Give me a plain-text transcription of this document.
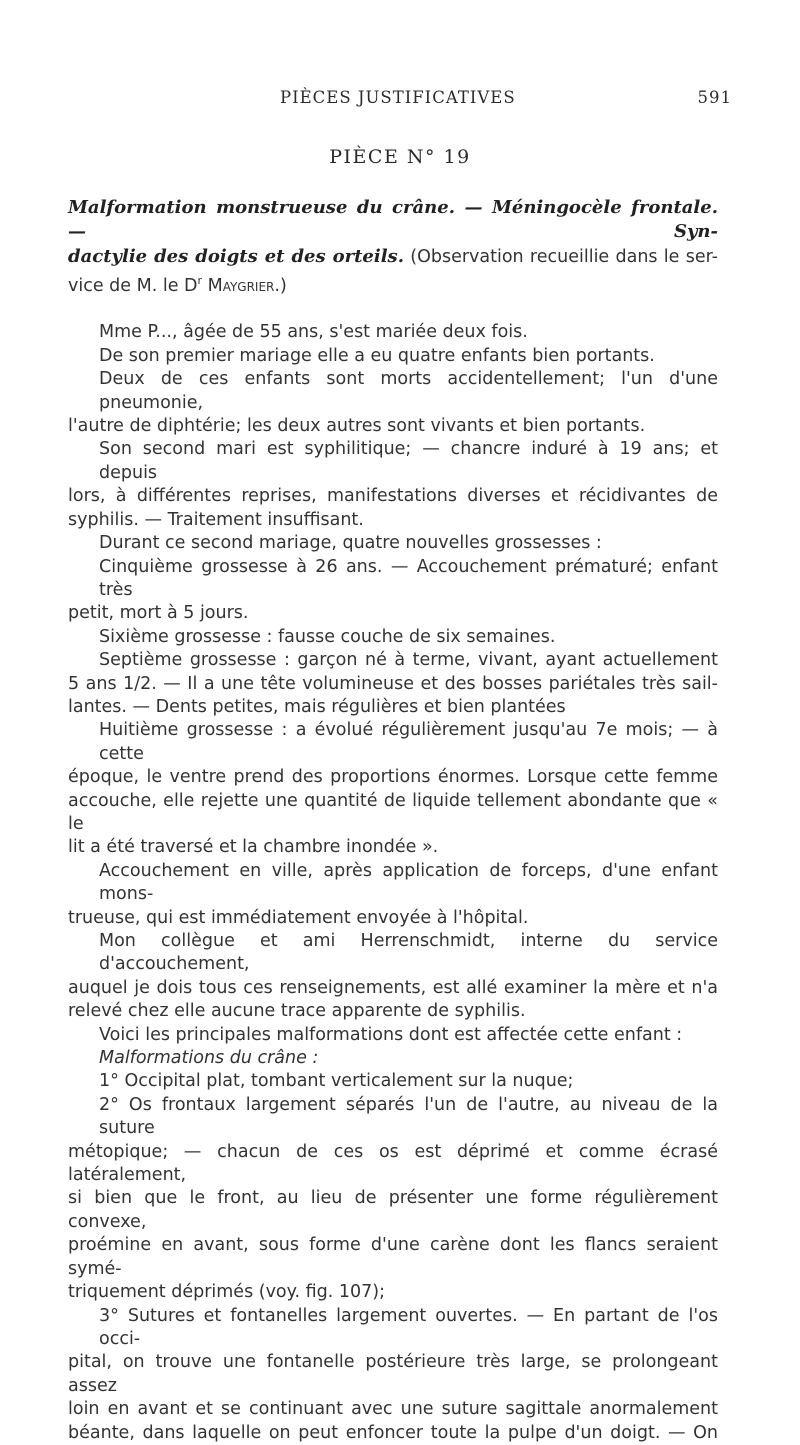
PIÈCES JUSTIFICATIVES	591
PIÈCE N° 19
Malformation monstrueuse du crâne. — Méningocèle frontale. — Syn-
dactylie des doigts et des orteils. (Observation recueillie dans le ser-
vice de M. le $D^r$ Maygrier.)
Mme P..., âgée de 55 ans, s'est mariée deux fois.
De son premier mariage elle a eu quatre enfants bien portants.
Deux de ces enfants sont morts accidentellement; l'un d'une pneumonie,
l'autre de diphtérie; les deux autres sont vivants et bien portants.
Son second mari est syphilitique; — chancre induré à 19 ans; et depuis
lors, à différentes reprises, manifestations diverses et récidivantes de
syphilis. — Traitement insuffisant.
Durant ce second mariage, quatre nouvelles grossesses :
Cinquième grossesse à 26 ans. — Accouchement prématuré; enfant très
petit, mort à 5 jours.
Sixième grossesse : fausse couche de six semaines.
Septième grossesse : garçon né à terme, vivant, ayant actuellement
5 ans 1/2. — Il a une tête volumineuse et des bosses pariétales très sail-
lantes. — Dents petites, mais régulières et bien plantées
Huitième grossesse : a évolué régulièrement jusqu'au 7e mois; — à cette
époque, le ventre prend des proportions énormes. Lorsque cette femme
accouche, elle rejette une quantité de liquide tellement abondante que « le
lit a été traversé et la chambre inondée ».
Accouchement en ville, après application de forceps, d'une enfant mons-
trueuse, qui est immédiatement envoyée à l'hôpital.
Mon collègue et ami Herrenschmidt, interne du service d'accouchement,
auquel je dois tous ces renseignements, est allé examiner la mère et n'a
relevé chez elle aucune trace apparente de syphilis.
Voici les principales malformations dont est affectée cette enfant :
Malformations du crâne :
1° Occipital plat, tombant verticalement sur la nuque;
2° Os frontaux largement séparés l'un de l'autre, au niveau de la suture
métopique; — chacun de ces os est déprimé et comme écrasé latéralement,
si bien que le front, au lieu de présenter une forme régulièrement convexe,
proémine en avant, sous forme d'une carène dont les flancs seraient symé-
triquement déprimés (voy. fig. 107);
3° Sutures et fontanelles largement ouvertes. — En partant de l'os occi-
pital, on trouve une fontanelle postérieure très large, se prolongeant assez
loin en avant et se continuant avec une suture sagittale anormalement
béante, dans laquelle on peut enfoncer toute la pulpe d'un doigt. — On
